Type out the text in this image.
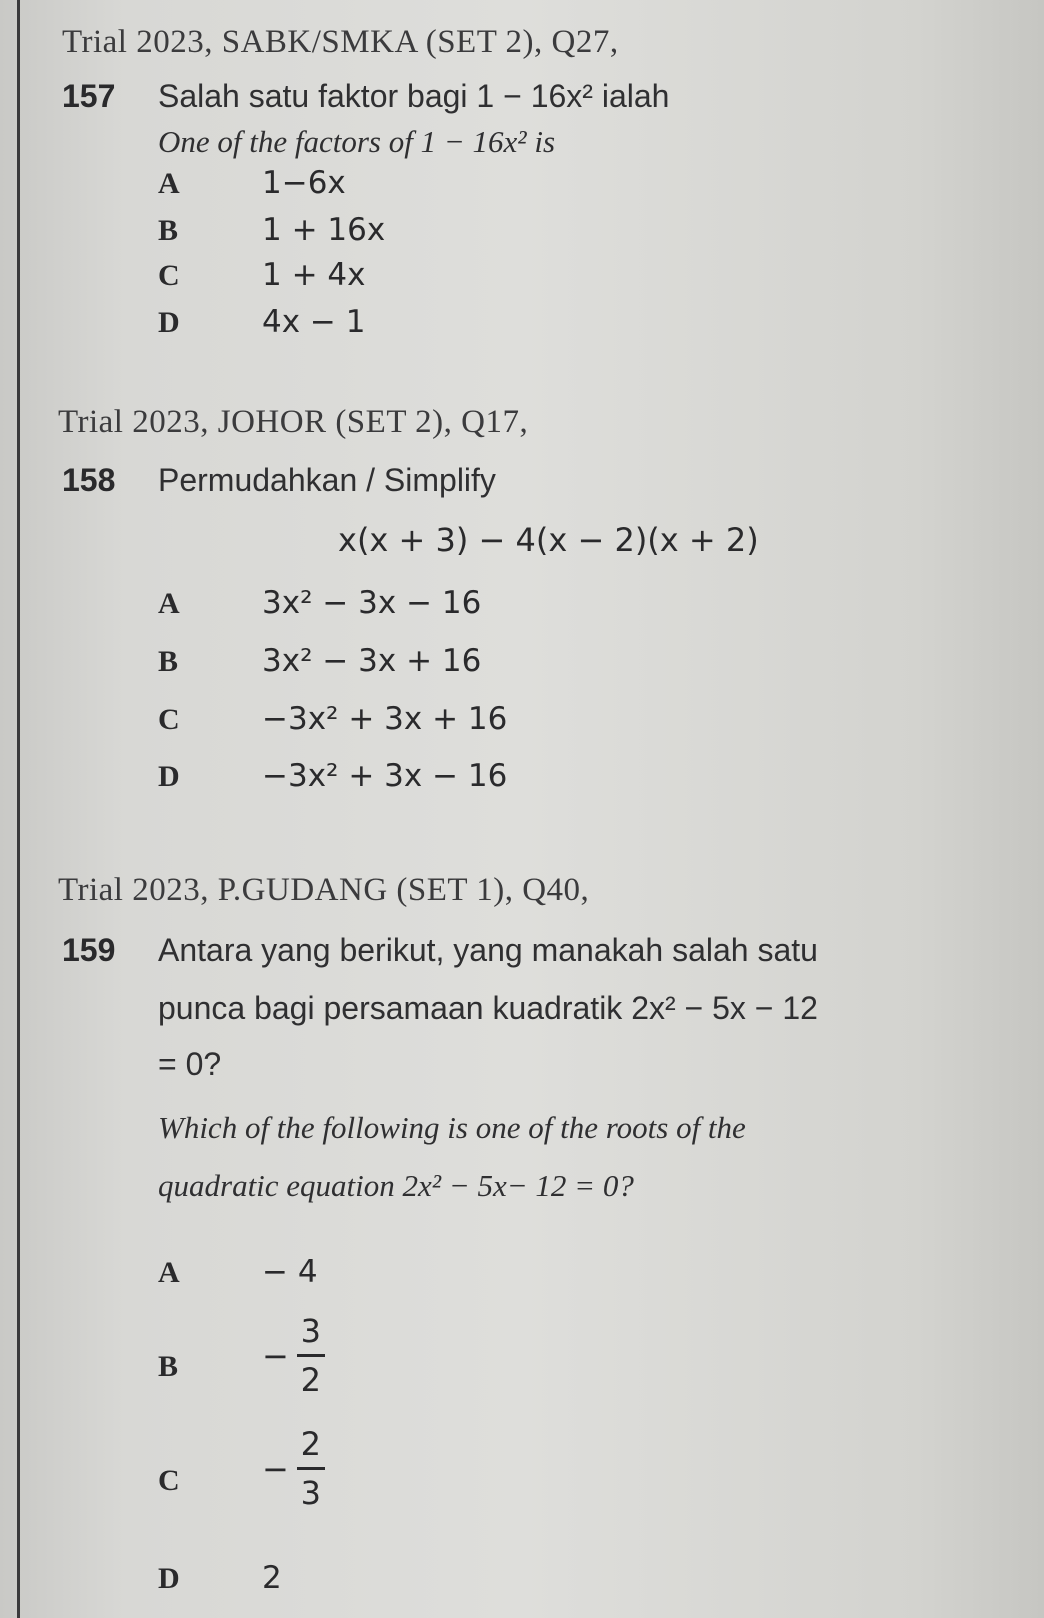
Trial 2023, SABK/SMKA (SET 2), Q27,
157 Salah satu faktor bagi 1 − 16x² ialah
One of the factors of 1 − 16x² is
A	1−6x
B	1 + 16x
C	1 + 4x
D	4x − 1
Trial 2023, JOHOR (SET 2), Q17,
158 Permudahkan / Simplify
x(x + 3) − 4(x − 2)(x + 2)
A	3x² − 3x − 16
B	3x² − 3x + 16
C	−3x² + 3x + 16
D	−3x² + 3x − 16
Trial 2023, P.GUDANG (SET 1), Q40,
159 Antara yang berikut, yang manakah salah satu
punca bagi persamaan kuadratik 2x² − 5x − 12
= 0?
Which of the following is one of the roots of the
quadratic equation 2x² − 5x− 12 = 0?
A	− 4
B	− $\frac{3}{2}$
C	− $\frac{2}{3}$
D	2
